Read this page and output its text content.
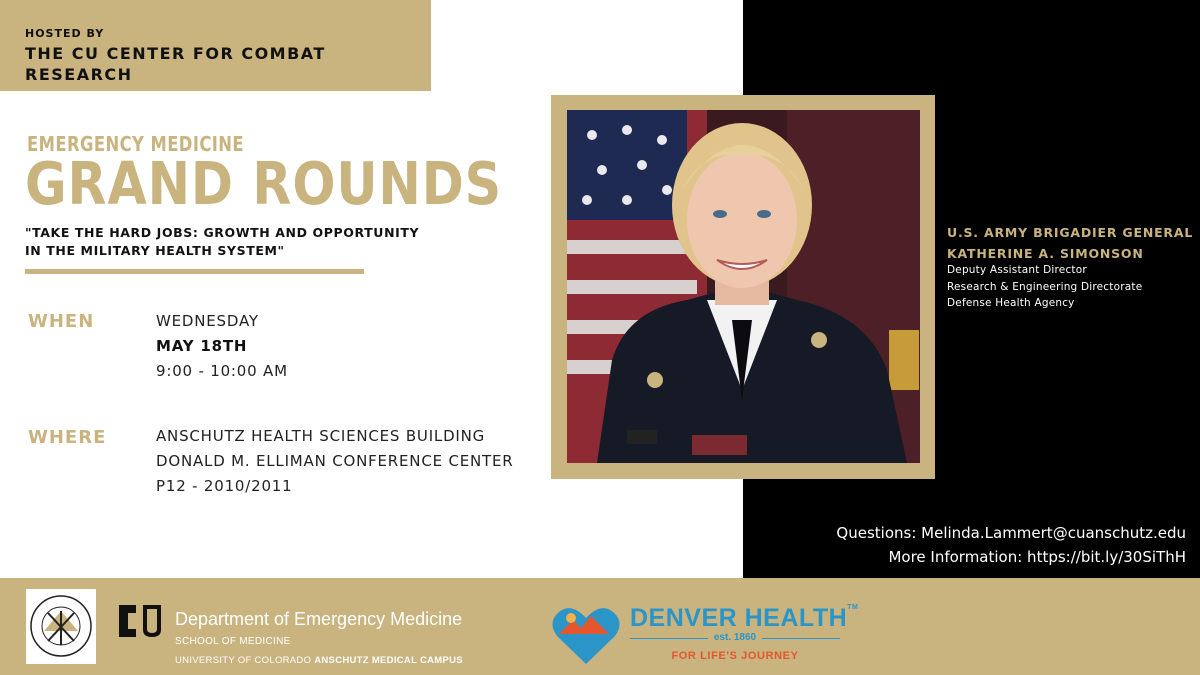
HOSTED BY
THE CU CENTER FOR COMBAT RESEARCH
EMERGENCY MEDICINE
GRAND ROUNDS
"TAKE THE HARD JOBS: GROWTH AND OPPORTUNITY IN THE MILITARY HEALTH SYSTEM"
WHEN	WEDNESDAY
MAY 18TH
9:00 - 10:00 AM
WHERE	ANSCHUTZ HEALTH SCIENCES BUILDING
DONALD M. ELLIMAN CONFERENCE CENTER
P12 - 2010/2011
U.S. ARMY BRIGADIER GENERAL
KATHERINE A. SIMONSON
Deputy Assistant Director
Research & Engineering Directorate
Defense Health Agency
Questions: Melinda.Lammert@cuanschutz.edu
More Information: https://bit.ly/30SiThH
Department of Emergency Medicine
SCHOOL OF MEDICINE
UNIVERSITY OF COLORADO ANSCHUTZ MEDICAL CAMPUS
DENVER HEALTH™
est. 1860
FOR LIFE'S JOURNEY
